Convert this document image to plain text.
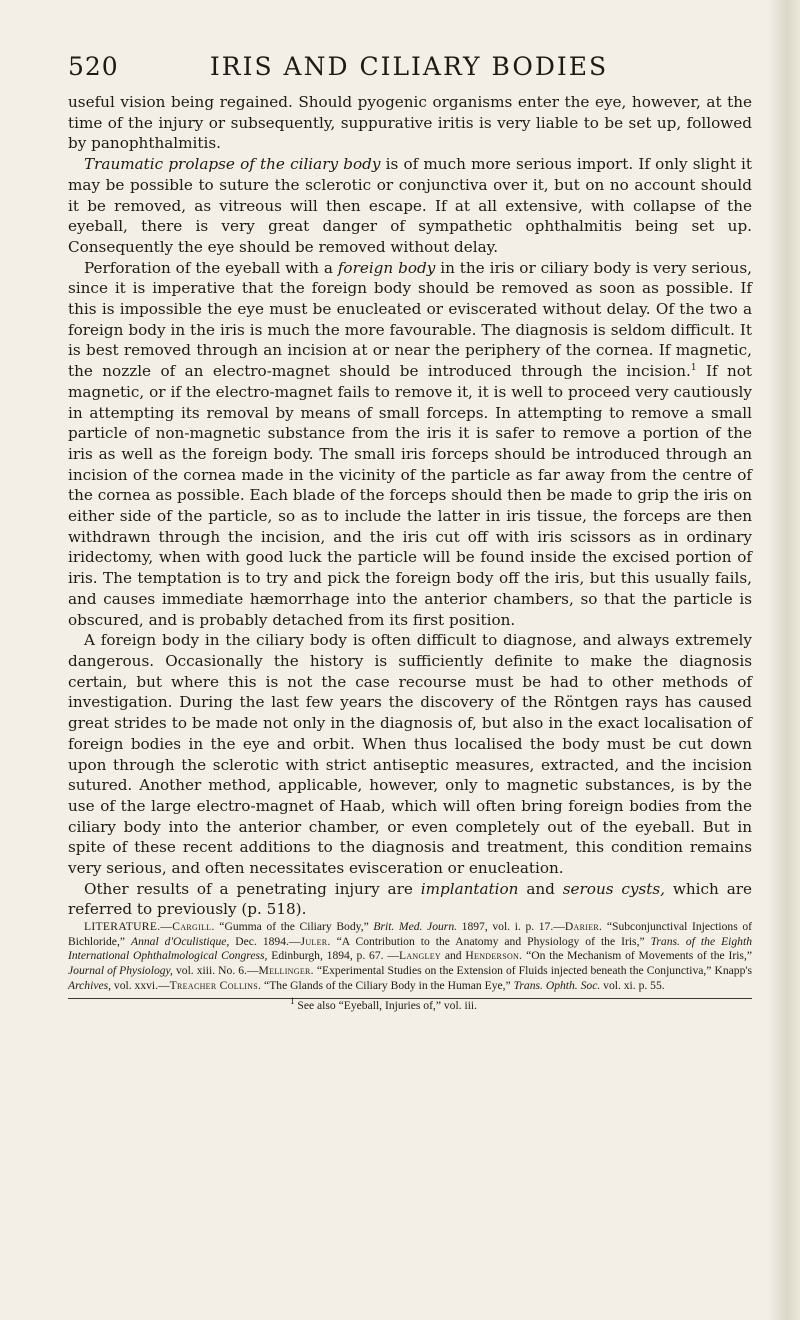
520	IRIS AND CILIARY BODIES

useful vision being regained. Should pyogenic organisms enter the eye, however, at the time of the injury or subsequently, suppurative iritis is very liable to be set up, followed by panophthalmitis.

Traumatic prolapse of the ciliary body is of much more serious import. If only slight it may be possible to suture the sclerotic or conjunctiva over it, but on no account should it be removed, as vitreous will then escape. If at all extensive, with collapse of the eyeball, there is very great danger of sympathetic ophthalmitis being set up. Consequently the eye should be removed without delay.

Perforation of the eyeball with a foreign body in the iris or ciliary body is very serious, since it is imperative that the foreign body should be removed as soon as possible. If this is impossible the eye must be enucleated or eviscerated without delay. Of the two a foreign body in the iris is much the more favourable. The diagnosis is seldom difficult. It is best removed through an incision at or near the periphery of the cornea. If magnetic, the nozzle of an electro-magnet should be introduced through the incision.$^1$ If not magnetic, or if the electro-magnet fails to remove it, it is well to proceed very cautiously in attempting its removal by means of small forceps. In attempting to remove a small particle of non-magnetic substance from the iris it is safer to remove a portion of the iris as well as the foreign body. The small iris forceps should be introduced through an incision of the cornea made in the vicinity of the particle as far away from the centre of the cornea as possible. Each blade of the forceps should then be made to grip the iris on either side of the particle, so as to include the latter in iris tissue, the forceps are then withdrawn through the incision, and the iris cut off with iris scissors as in ordinary iridectomy, when with good luck the particle will be found inside the excised portion of iris. The temptation is to try and pick the foreign body off the iris, but this usually fails, and causes immediate hæmorrhage into the anterior chambers, so that the particle is obscured, and is probably detached from its first position.

A foreign body in the ciliary body is often difficult to diagnose, and always extremely dangerous. Occasionally the history is sufficiently definite to make the diagnosis certain, but where this is not the case recourse must be had to other methods of investigation. During the last few years the discovery of the Röntgen rays has caused great strides to be made not only in the diagnosis of, but also in the exact localisation of foreign bodies in the eye and orbit. When thus localised the body must be cut down upon through the sclerotic with strict antiseptic measures, extracted, and the incision sutured. Another method, applicable, however, only to magnetic substances, is by the use of the large electro-magnet of Haab, which will often bring foreign bodies from the ciliary body into the anterior chamber, or even completely out of the eyeball. But in spite of these recent additions to the diagnosis and treatment, this condition remains very serious, and often necessitates evisceration or enucleation.

Other results of a penetrating injury are implantation and serous cysts, which are referred to previously (p. 518).

LITERATURE.—Cargill. “Gumma of the Ciliary Body,” Brit. Med. Journ. 1897, vol. i. p. 17.—Darier. “Subconjunctival Injections of Bichloride,” Annal d'Oculistique, Dec. 1894.—Juler. “A Contribution to the Anatomy and Physiology of the Iris,” Trans. of the Eighth International Ophthalmological Congress, Edinburgh, 1894, p. 67. —Langley and Henderson. “On the Mechanism of Movements of the Iris,” Journal of Physiology, vol. xiii. No. 6.—Mellinger. “Experimental Studies on the Extension of Fluids injected beneath the Conjunctiva,” Knapp's Archives, vol. xxvi.—Treacher Collins. “The Glands of the Ciliary Body in the Human Eye,” Trans. Ophth. Soc. vol. xi. p. 55.

$^1$ See also “Eyeball, Injuries of,” vol. iii.
